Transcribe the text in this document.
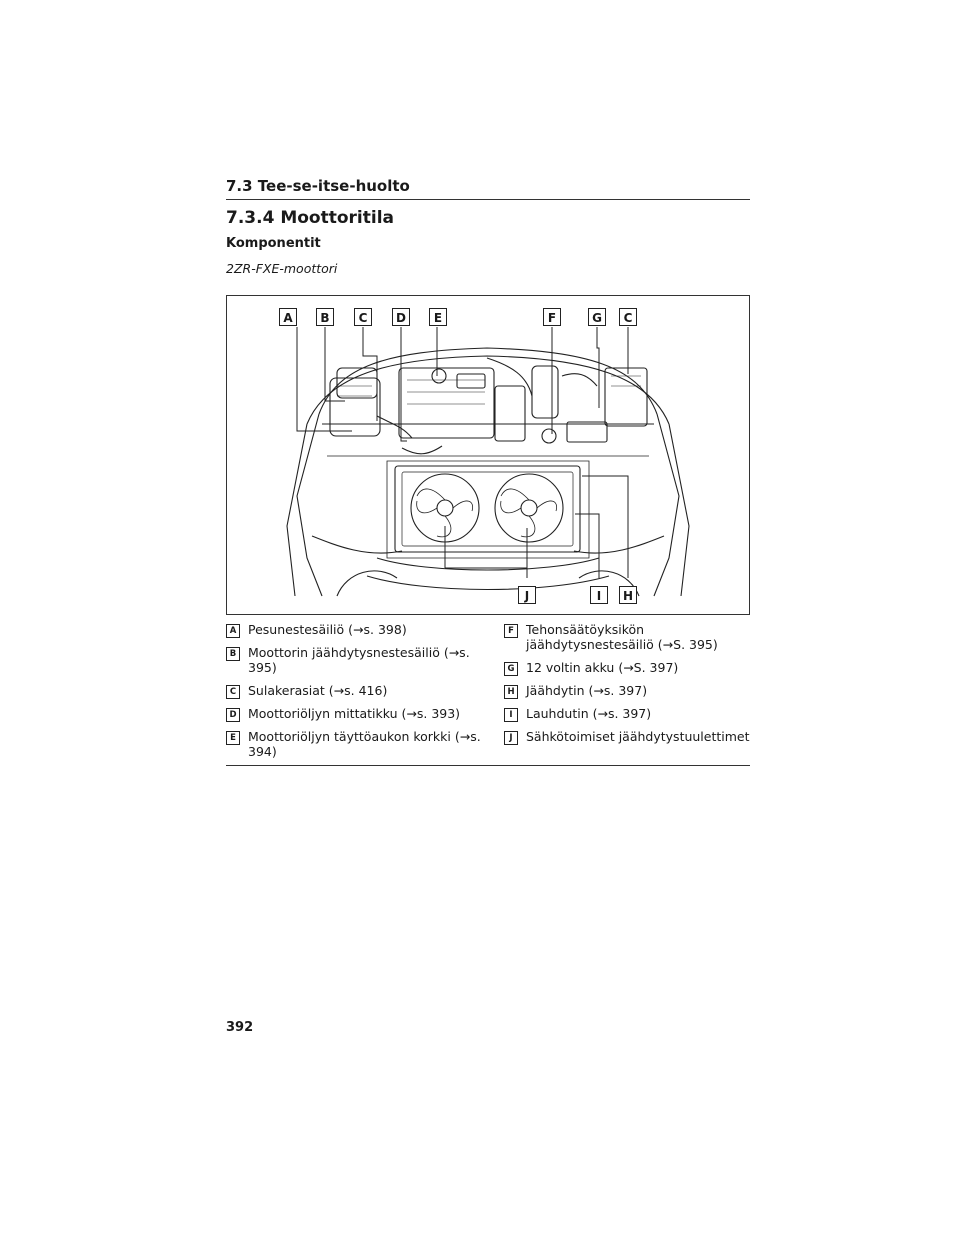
7.3 Tee-se-itse-huolto
7.3.4 Moottoritila
Komponentit
2ZR-FXE-moottori
A	B	C	D	E	F	G	C
J	I	H
A Pesunestesäiliö (→s. 398)
B Moottorin jäähdytysnestesäiliö (→s. 395)
C Sulakerasiat (→s. 416)
D Moottoriöljyn mittatikku (→s. 393)
E Moottoriöljyn täyttöaukon korkki (→s. 394)
F Tehonsäätöyksikön jäähdytysnestesäiliö (→S. 395)
G 12 voltin akku (→S. 397)
H Jäähdytin (→s. 397)
I	Lauhdutin (→s. 397)
J	Sähkötoimiset jäähdytystuulettimet
392
